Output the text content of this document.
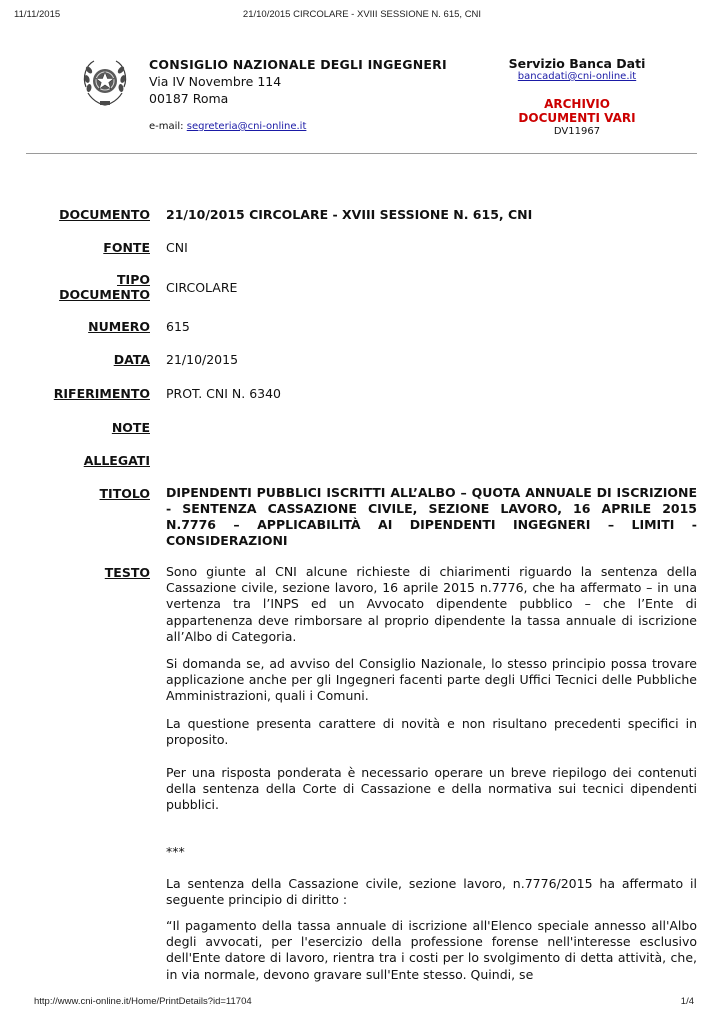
11/11/2015	21/10/2015 CIRCOLARE - XVIII SESSIONE N. 615, CNI
CONSIGLIO NAZIONALE DEGLI INGEGNERI
Via IV Novembre 114
00187 Roma
e-mail: segreteria@cni-online.it
Servizio Banca Dati
bancadati@cni-online.it
ARCHIVIO
DOCUMENTI VARI
DV11967
DOCUMENTO 21/10/2015 CIRCOLARE - XVIII SESSIONE N. 615, CNI
FONTE CNI
TIPO
DOCUMENTO CIRCOLARE
NUMERO 615
DATA 21/10/2015
RIFERIMENTO PROT. CNI N. 6340
NOTE
ALLEGATI
TITOLO DIPENDENTI PUBBLICI ISCRITTI ALL’ALBO – QUOTA ANNUALE DI ISCRIZIONE - SENTENZA CASSAZIONE CIVILE, SEZIONE LAVORO, 16 APRILE 2015 N.7776 – APPLICABILITÀ AI DIPENDENTI INGEGNERI – LIMITI - CONSIDERAZIONI
TESTO Sono giunte al CNI alcune richieste di chiarimenti riguardo la sentenza della Cassazione civile, sezione lavoro, 16 aprile 2015 n.7776, che ha affermato – in una vertenza tra l’INPS ed un Avvocato dipendente pubblico – che l’Ente di appartenenza deve rimborsare al proprio dipendente la tassa annuale di iscrizione all’Albo di Categoria.

Si domanda se, ad avviso del Consiglio Nazionale, lo stesso principio possa trovare applicazione anche per gli Ingegneri facenti parte degli Uffici Tecnici delle Pubbliche Amministrazioni, quali i Comuni.

La questione presenta carattere di novità e non risultano precedenti specifici in proposito.

Per una risposta ponderata è necessario operare un breve riepilogo dei contenuti della sentenza della Corte di Cassazione e della normativa sui tecnici dipendenti pubblici.

***

La sentenza della Cassazione civile, sezione lavoro, n.7776/2015 ha affermato il seguente principio di diritto :

“Il pagamento della tassa annuale di iscrizione all'Elenco speciale annesso all'Albo degli avvocati, per l'esercizio della professione forense nell'interesse esclusivo dell'Ente datore di lavoro, rientra tra i costi per lo svolgimento di detta attività, che, in via normale, devono gravare sull'Ente stesso. Quindi, se

http://www.cni-online.it/Home/PrintDetails?id=11704	1/4
